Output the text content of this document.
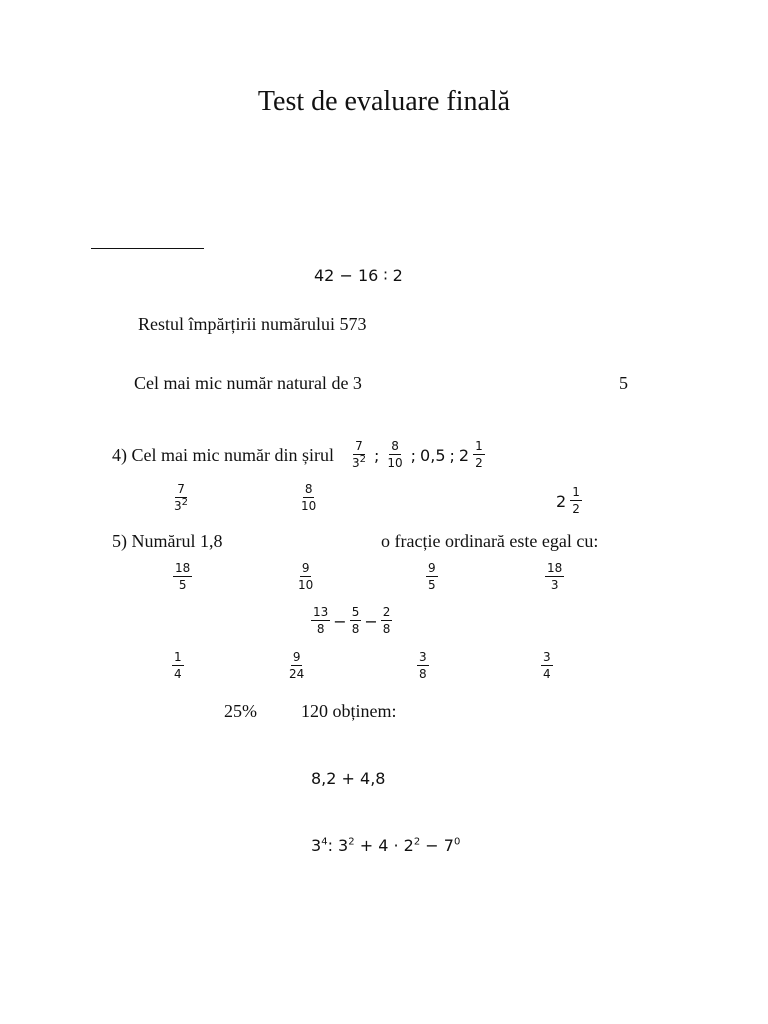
Test de evaluare finală
42 − 16 ∶ 2
Restul împărțirii numărului 573
Cel mai mic număr natural de 3	5
4) Cel mai mic număr din șirul $\frac{7}{3^2}$ ; $\frac{8}{10}$ ; 0,5 ; $2 \frac{1}{2}$
$\frac{7}{3^2}$	$\frac{8}{10}$	$2 \frac{1}{2}$
5) Numărul 1,8	o fracție ordinară este egal cu:
$\frac{18}{5}$	$\frac{9}{10}$	$\frac{9}{5}$	$\frac{18}{3}$
$\frac{13}{8} - \frac{5}{8} - \frac{2}{8}$
$\frac{1}{4}$	$\frac{9}{24}$	$\frac{3}{8}$	$\frac{3}{4}$
25% 120 obținem:
8,2 + 4,8
$3^4$: $3^2 + 4 \cdot 2^2 - 7^0$
